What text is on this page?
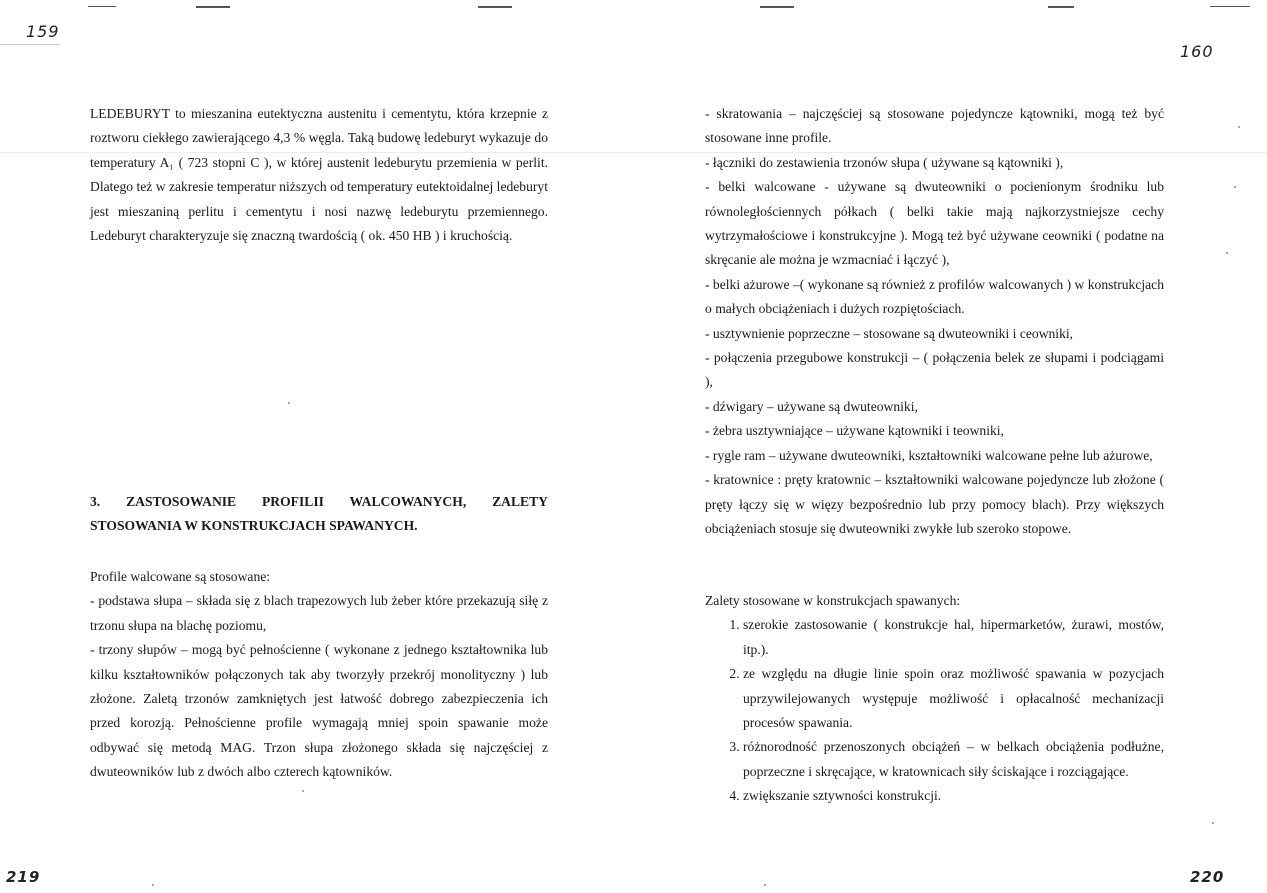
159

LEDEBURYT to mieszanina eutektyczna austenitu i cementytu, która krzepnie z roztworu ciekłego zawierającego 4,3 % węgla. Taką budowę ledeburyt wykazuje do temperatury A₁ ( 723 stopni C ), w której austenit ledeburytu przemienia w perlit. Dlatego też w zakresie temperatur niższych od temperatury eutektoidalnej ledeburyt jest mieszaniną perlitu i cementytu i nosi nazwę ledeburytu przemiennego. Ledeburyt charakteryzuje się znaczną twardością ( ok. 450 HB ) i kruchością.

3. ZASTOSOWANIE PROFILII WALCOWANYCH, ZALETY STOSOWANIA W KONSTRUKCJACH SPAWANYCH.

Profile walcowane są stosowane:

- podstawa słupa – składa się z blach trapezowych lub żeber które przekazują siłę z trzonu słupa na blachę poziomu,

- trzony słupów – mogą być pełnościenne ( wykonane z jednego kształtownika lub kilku kształtowników połączonych tak aby tworzyły przekrój monolityczny ) lub złożone. Zaletą trzonów zamkniętych jest łatwość dobrego zabezpieczenia ich przed korozją. Pełnościenne profile wymagają mniej spoin spawanie może odbywać się metodą MAG. Trzon słupa złożonego składa się najczęściej z dwuteowników lub z dwóch albo czterech kątowników.

219
160

- skratowania – najczęściej są stosowane pojedyncze kątowniki, mogą też być stosowane inne profile.

- łączniki do zestawienia trzonów słupa ( używane są kątowniki ),

- belki walcowane - używane są dwuteowniki o pocienionym środniku lub równoległościennych półkach ( belki takie mają najkorzystniejsze cechy wytrzymałościowe i konstrukcyjne ). Mogą też być używane ceowniki ( podatne na skręcanie ale można je wzmacniać i łączyć ),

- belki ażurowe –( wykonane są również z profilów walcowanych ) w konstrukcjach o małych obciążeniach i dużych rozpiętościach.

- usztywnienie poprzeczne – stosowane są dwuteowniki i ceowniki,

- połączenia przegubowe konstrukcji – ( połączenia belek ze słupami i podciągami ),

- dźwigary – używane są dwuteowniki,

- żebra usztywniające – używane kątowniki i teowniki,

- rygle ram – używane dwuteowniki, kształtowniki walcowane pełne lub ażurowe,

- kratownice : pręty kratownic – kształtowniki walcowane pojedyncze lub złożone ( pręty łączy się w więzy bezpośrednio lub przy pomocy blach). Przy większych obciążeniach stosuje się dwuteowniki zwykłe lub szeroko stopowe.

Zalety stosowane w konstrukcjach spawanych:

1. szerokie zastosowanie ( konstrukcje hal, hipermarketów, żurawi, mostów, itp.).
2. ze względu na długie linie spoin oraz możliwość spawania w pozycjach uprzywilejowanych występuje możliwość i opłacalność mechanizacji procesów spawania.
3. różnorodność przenoszonych obciążeń – w belkach obciążenia podłużne, poprzeczne i skręcające, w kratownicach siły ściskające i rozciągające.
4. zwiększanie sztywności konstrukcji.
220
